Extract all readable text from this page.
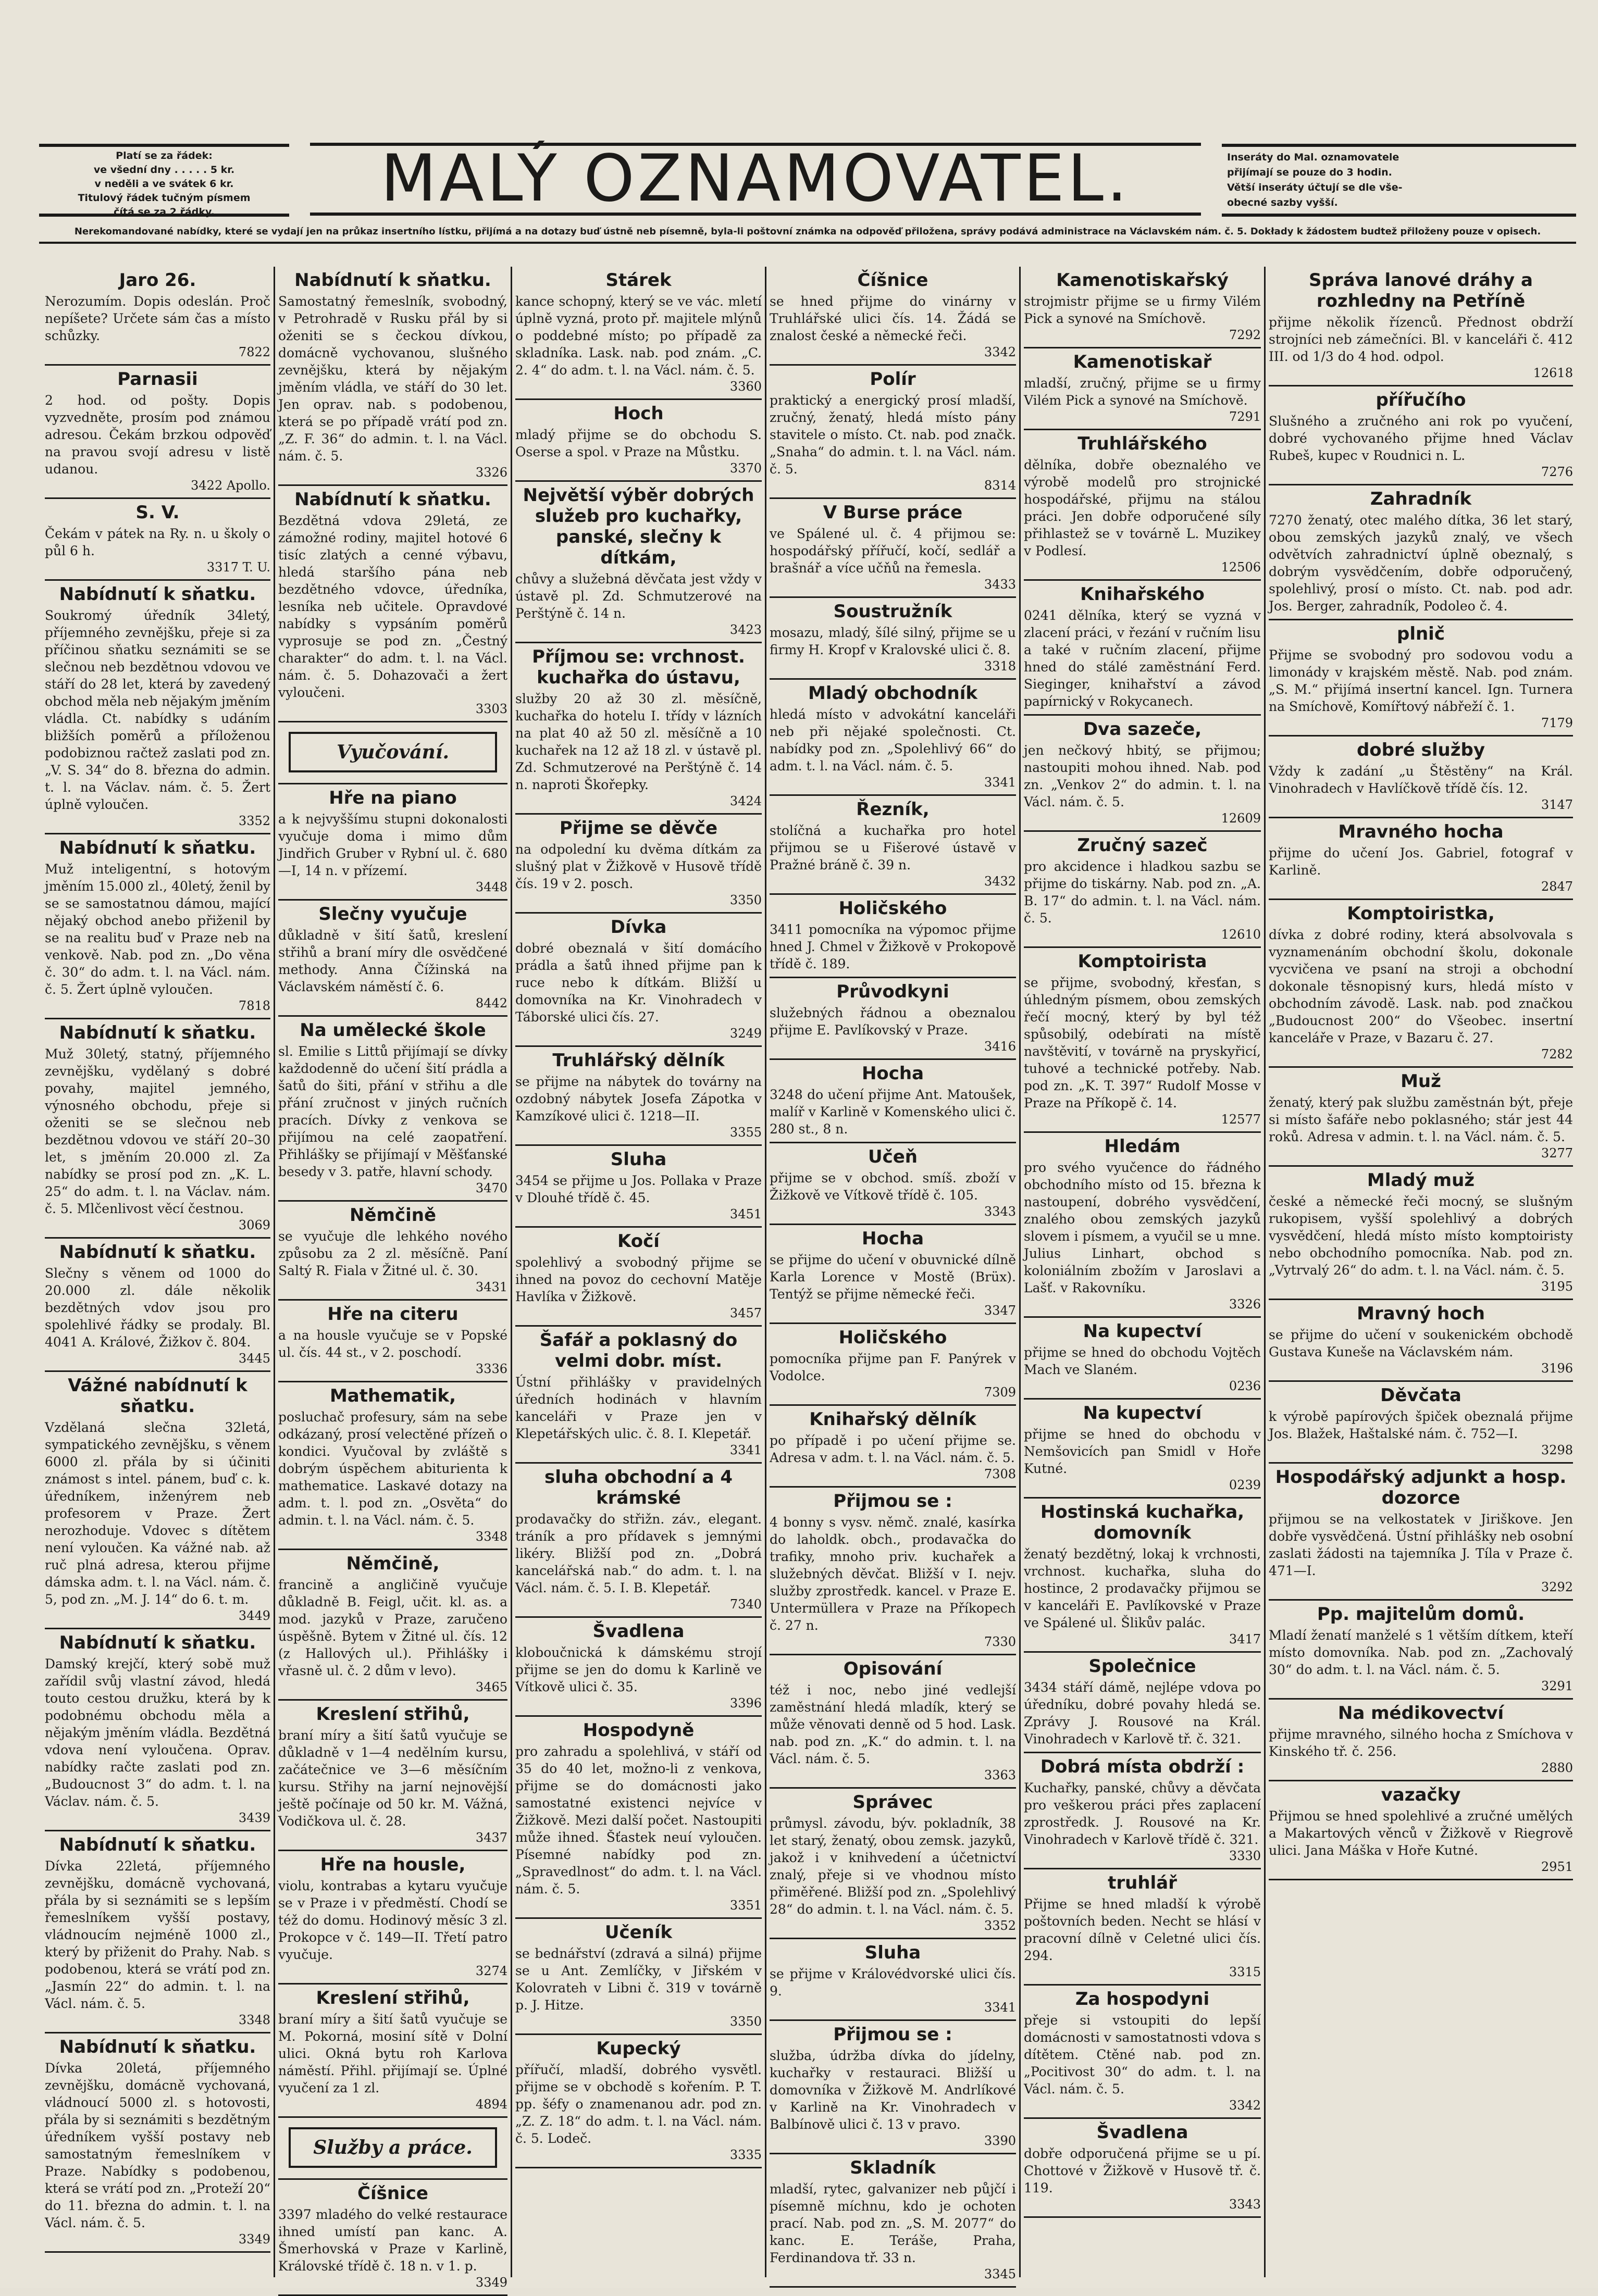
Platí se za řádek:
ve všední dny . . . . . 5 kr.
v neděli a ve svátek 6 kr.
Titulový řádek tučným písmem
čítá se za 2 řádky.	MALÝ OZNAMOVATEL.	Inseráty do Mal. oznamovatele
přijímají se pouze do 3 hodin.
Větší inseráty účtují se dle vše-
obecné sazby vyšší.
Nerekomandované nabídky, které se vydají jen na průkaz insertního lístku, přijímá a na dotazy buď ústně neb písemně, byla-li poštovní známka na odpověď přiložena, správy podává administrace na Václavském nám. č. 5. Dokłady k žádostem budtež přiloženy pouze v opisech.
Jaro 26.
Nerozumím. Dopis odeslán. Proč nepíšete? Určete sám čas a místo schůzky.
7822
Parnasii
2 hod. od pošty. Dopis vyzvedněte, prosím pod známou adresou. Čekám brzkou odpověď na pravou svojí adresu v listě udanou.
3422 Apollo.
S. V.
Čekám v pátek na Ry. n. u školy o půl 6 h.
3317 T. U.
Nabídnutí k sňatku.
Soukromý úředník 34letý, příjemného zevnějšku, přeje si za příčinou sňatku seznámiti se se slečnou neb bezdětnou vdovou ve stáří do 28 let, která by zavedený obchod měla neb nějakým jměním vládla. Ct. nabídky s udáním bližších poměrů a příloženou podobiznou račtež zaslati pod zn. „V. S. 34“ do 8. března do admin. t. l. na Václav. nám. č. 5. Žert úplně vyloučen.
3352
Nabídnutí k sňatku.
Muž inteligentní, s hotovým jměním 15.000 zl., 40letý, ženil by se se samostatnou dámou, mající nějaký obchod anebo přiženil by se na realitu buď v Praze neb na venkově. Nab. pod zn. „Do věna č. 30“ do adm. t. l. na Václ. nám. č. 5. Žert úplně vyloučen.
7818
Nabídnutí k sňatku.
Muž 30letý, statný, příjemného zevnějšku, vydělaný s dobré povahy, majitel jemného, výnosného obchodu, přeje si oženiti se se slečnou neb bezdětnou vdovou ve stáří 20–30 let, s jměním 20.000 zl. Za nabídky se prosí pod zn. „K. L. 25“ do adm. t. l. na Václav. nám. č. 5. Mlčenlivost věcí čestnou.
3069
Nabídnutí k sňatku.
Slečny s věnem od 1000 do 20.000 zl. dále několik bezdětných vdov jsou pro spolehlivé řádky se prodaly. Bl. 4041 A. Králové, Žižkov č. 804.
3445
Vážné nabídnutí k sňatku.
Vzdělaná slečna 32letá, sympatického zevnějšku, s věnem 6000 zl. přála by si účiniti známost s intel. pánem, buď c. k. úředníkem, inženýrem neb profesorem v Praze. Žert nerozhoduje. Vdovec s dítětem není vyloučen. Ka vážné nab. až ruč plná adresa, kterou přijme dámska adm. t. l. na Václ. nám. č. 5, pod zn. „M. J. 14“ do 6. t. m.
3449
Nabídnutí k sňatku.
Damský krejčí, který sobě muž zařídil svůj vlastní závod, hledá touto cestou družku, která by k podobnému obchodu měla a nějakým jměním vládla. Bezdětná vdova není vyloučena. Oprav. nabídky račte zaslati pod zn. „Budoucnost 3“ do adm. t. l. na Václav. nám. č. 5.
3439
Nabídnutí k sňatku.
Dívka 22letá, příjemného zevnějšku, domácně vychovaná, přála by si seznámiti se s lepším řemeslníkem vyšší postavy, vládnoucím nejméně 1000 zl., který by přiženit do Prahy. Nab. s podobenou, která se vrátí pod zn. „Jasmín 22“ do admin. t. l. na Václ. nám. č. 5.
3348
Nabídnutí k sňatku.
Dívka 20letá, příjemného zevnějšku, domácně vychovaná, vládnoucí 5000 zl. s hotovosti, přála by si seznámiti s bezdětným úředníkem vyšší postavy neb samostatným řemeslníkem v Praze. Nabídky s podobenou, která se vrátí pod zn. „Proteží 20“ do 11. března do admin. t. l. na Václ. nám. č. 5.
3349
Nabídnutí k sňatku.
Samostatný řemeslník, svobodný, v Petrohradě v Rusku přál by si oženiti se s čeckou dívkou, domácně vychovanou, slušného zevnějšku, která by nějakým jměním vládla, ve stáří do 30 let. Jen oprav. nab. s podobenou, která se po případě vrátí pod zn. „Z. F. 36“ do admin. t. l. na Václ. nám. č. 5.
3326
Nabídnutí k sňatku.
Bezdětná vdova 29letá, ze zámožné rodiny, majitel hotové 6 tisíc zlatých a cenné výbavu, hledá staršího pána neb bezdětného vdovce, úředníka, lesníka neb učitele. Opravdové nabídky s vypsáním poměrů vyprosuje se pod zn. „Čestný charakter“ do adm. t. l. na Václ. nám. č. 5. Dohazovači a žert vyloučeni.
3303
Vyučování.
Hře na piano
a k nejvyššímu stupni dokonalosti vyučuje doma i mimo dům Jindřich Gruber v Rybní ul. č. 680—I, 14 n. v přízemí.
3448
Slečny vyučuje
důkladně v šití šatů, kreslení střihů a braní míry dle osvědčené methody. Anna Čížinská na Václavském náměstí č. 6.
8442
Na umělecké škole
sl. Emilie s Littů přijímají se dívky každodenně do učení šití prádla a šatů do šiti, přání v střihu a dle přání zručnost v jiných ručních pracích. Dívky z venkova se přijímou na celé zaopatření. Přihlášky se přijímají v Měšťanské besedy v 3. patře, hlavní schody.
3470
Němčině
se vyučuje dle lehkého nového způsobu za 2 zl. měsíčně. Paní Saltý R. Fiala v Žitné ul. č. 30.
3431
Hře na citeru
a na housle vyučuje se v Popské ul. čís. 44 st., v 2. poschodí.
3336
Mathematik,
posluchač profesury, sám na sebe odkázaný, prosí velectěné přízeň o kondici. Vyučoval by zvláště s dobrým úspěchem abiturienta k mathematice. Laskavé dotazy na adm. t. l. pod zn. „Osvěta“ do admin. t. l. na Václ. nám. č. 5.
3348
Němčině,
francině a angličině vyučuje důkladně B. Feigl, učit. kl. as. a mod. jazyků v Praze, zaručeno úspěšně. Bytem v Žitné ul. čís. 12 (z Hallových ul.). Přihlášky i vřasně ul. č. 2 dům v levo).
3465
Kreslení střihů,
braní míry a šití šatů vyučuje se důkladně v 1—4 nedělním kursu, začátečnice ve 3—6 měsíčním kursu. Střihy na jarní nejnovější ještě počínaje od 50 kr. M. Vážná, Vodičkova ul. č. 28.
3437
Hře na housle,
violu, kontrabas a kytaru vyučuje se v Praze i v předměstí. Chodí se též do domu. Hodinový měsíc 3 zl. Prokopce v č. 149—II. Třetí patro vyučuje.
3274
Kreslení střihů,
braní míry a šití šatů vyučuje se M. Pokorná, mosiní sítě v Dolní ulici. Okná bytu roh Karlova náměstí. Přihl. přijímají se. Úplné vyučení za 1 zl.
4894
Služby a práce.
Číšnice
3397 mladého do velké restaurace ihned umístí pan kanc. A. Šmerhovská v Praze v Karlině, Královské třídě č. 18 n. v 1. p.
3349
Stárek
kance schopný, který se ve vác. mletí úplně vyzná, proto př. majitele mlýnů o poddebné místo; po případě za skladníka. Lask. nab. pod znám. „C. 2. 4“ do adm. t. l. na Václ. nám. č. 5.
3360
Hoch
mladý přijme se do obchodu S. Oserse a spol. v Praze na Můstku.
3370
Největší výběr dobrých služeb pro kuchařky, panské, slečny k dítkám,
chůvy a služebná děvčata jest vždy v ústavě pl. Zd. Schmutzerové na Perštýně č. 14 n.
3423
Příjmou se: vrchnost. kuchařka do ústavu,
služby 20 až 30 zl. měsíčně, kuchařka do hotelu I. třídy v lázních na plat 40 až 50 zl. měsíčně a 10 kuchařek na 12 až 18 zl. v ústavě pl. Zd. Schmutzerové na Perštýně č. 14 n. naproti Škořepky.
3424
Přijme se děvče
na odpolední ku dvěma dítkám za slušný plat v Žižkově v Husově třídě čís. 19 v 2. posch.
3350
Dívka
dobré obeznalá v šití domácího prádla a šatů ihned přijme pan k ruce nebo k dítkám. Bližší u domovníka na Kr. Vinohradech v Táborské ulici čís. 27.
3249
Truhlářský dělník
se přijme na nábytek do továrny na ozdobný nábytek Josefa Zápotka v Kamzíkové ulici č. 1218—II.
3355
Sluha
3454 se přijme u Jos. Pollaka v Praze v Dlouhé třídě č. 45.
3451
Kočí
spolehlivý a svobodný přijme se ihned na povoz do cechovní Matěje Havlíka v Žižkově.
3457
Šafář a poklasný do velmi dobr. míst.
Ústní přihlášky v pravidelných úředních hodinách v hlavním kanceláři v Praze jen v Klepetářských ulic. č. 8. I. Klepetář.
3341
sluha obchodní a 4 krámské
prodavačky do střižn. záv., elegant. tráník a pro přídavek s jemnými likéry. Bližší pod zn. „Dobrá kancelářská nab.“ do adm. t. l. na Václ. nám. č. 5. I. B. Klepetář.
7340
Švadlena
kloboučnická k dámskému strojí přijme se jen do domu k Karlině ve Vítkově ulici č. 35.
3396
Hospodyně
pro zahradu a spolehlivá, v stáří od 35 do 40 let, možno-li z venkova, přijme se do domácnosti jako samostatné existenci nejvíce v Žižkově. Mezi další počet. Nastoupiti může ihned. Šťastek neuí vyloučen. Písemné nabídky pod zn. „Spravedlnost“ do adm. t. l. na Václ. nám. č. 5.
3351
Učeník
se bednářství (zdravá a silná) přijme se u Ant. Zemlíčky, v Jiřském v Kolovrateh v Libni č. 319 v továrně p. J. Hitze.
3350
Kupecký
přířučí, mladší, dobrého vysvětl. přijme se v obchodě s kořením. P. T. pp. šéfy o znamenanou adr. pod zn. „Z. Z. 18“ do adm. t. l. na Václ. nám. č. 5. Lodeč.
3335
Číšnice
se hned přijme do vinárny v Truhlářské ulici čís. 14. Žádá se znalost české a německé řeči.
3342
Polír
praktický a energický prosí mladší, zručný, ženatý, hledá místo pány stavitele o místo. Ct. nab. pod značk. „Snaha“ do admin. t. l. na Václ. nám. č. 5.
8314
V Burse práce
ve Spálené ul. č. 4 přijmou se: hospodářský přířučí, kočí, sedlář a brašnář a více učňů na řemesla.
3433
Soustružník
mosazu, mladý, šílé silný, přijme se u firmy H. Kropf v Kralovské ulici č. 8.
3318
Mladý obchodník
hledá místo v advokátní kanceláři neb při nějaké společnosti. Ct. nabídky pod zn. „Spolehlivý 66“ do adm. t. l. na Václ. nám. č. 5.
3341
Řezník,
stolíčná a kuchařka pro hotel přijmou se u Fišerové ústavě v Pražné bráně č. 39 n.
3432
Holičského
3411 pomocníka na výpomoc přijme hned J. Chmel v Žižkově v Prokopově třídě č. 189.
Průvodkyni
služebných řádnou a obeznalou přijme E. Pavlíkovský v Praze.
3416
Hocha
3248 do učení přijme Ant. Matoušek, malíř v Karlině v Komenského ulici č. 280 st., 8 n.
Učeň
přijme se v obchod. smíš. zboží v Žižkově ve Vítkově třídě č. 105.
3343
Hocha
se přijme do učení v obuvnické dílně Karla Lorence v Mostě (Brüx). Tentýž se přijme německé řeči.
3347
Holičského
pomocníka přijme pan F. Panýrek v Vodolce.
7309
Knihařský dělník
po případě i po učení přijme se. Adresa v adm. t. l. na Václ. nám. č. 5.
7308
Přijmou se :
4 bonny s vysv. němč. znalé, kasírka do laholdk. obch., prodavačka do trafiky, mnoho priv. kuchařek a služebných děvčat. Bližší v I. nejv. služby zprostředk. kancel. v Praze E. Untermüllera v Praze na Příkopech č. 27 n.
7330
Opisování
též i noc, nebo jiné vedlejší zaměstnání hledá mladík, který se může věnovati denně od 5 hod. Lask. nab. pod zn. „K.“ do admin. t. l. na Václ. nám. č. 5.
3363
Správec
průmysl. závodu, býv. pokladník, 38 let starý, ženatý, obou zemsk. jazyků, jakož i v knihvedení a účetnictví znalý, přeje si ve vhodnou místo přiměřené. Bližší pod zn. „Spolehlivý 28“ do admin. t. l. na Václ. nám. č. 5.
3352
Sluha
se přijme v Královédvorské ulici čís. 9.
3341
Přijmou se :
služba, údržba dívka do jídelny, kuchařky v restauraci. Bližší u domovníka v Žižkově M. Andrlíkové v Karlině na Kr. Vinohradech v Balbínově ulici č. 13 v pravo.
3390
Skladník
mladší, rytec, galvanizer neb půjčí i písemně míchnu, kdo je ochoten prací. Nab. pod zn. „S. M. 2077“ do kanc. E. Teráše, Praha, Ferdinandova tř. 33 n.
3345
Kamenotiskařský
strojmistr přijme se u firmy Vilém Pick a synové na Smíchově.
7292
Kamenotiskař
mladší, zručný, přijme se u firmy Vilém Pick a synové na Smíchově.
7291
Truhlářského
dělníka, dobře obeznalého ve výrobě modelů pro strojnické hospodářské, přijmu na stálou práci. Jen dobře odporučené síly přihlastež se v továrně L. Muzikey v Podlesí.
12506
Knihařského
0241 dělníka, který se vyzná v zlacení práci, v řezání v ručním lisu a také v ručním zlacení, přijme hned do stálé zaměstnání Ferd. Sieginger, knihařství a závod papírnický v Rokycanech.
Dva sazeče,
jen nečkový hbitý, se přijmou; nastoupiti mohou ihned. Nab. pod zn. „Venkov 2“ do admin. t. l. na Václ. nám. č. 5.
12609
Zručný sazeč
pro akcidence i hladkou sazbu se přijme do tiskárny. Nab. pod zn. „A. B. 17“ do admin. t. l. na Václ. nám. č. 5.
12610
Komptoirista
se přijme, svobodný, křesťan, s úhledným písmem, obou zemských řečí mocný, který by byl též spůsobilý, odebírati na místě navštěvití, v továrně na pryskyřicí, tuhové a technické potřeby. Nab. pod zn. „K. T. 397“ Rudolf Mosse v Praze na Příkopě č. 14.
12577
Hledám
pro svého vyučence do řádného obchodního místo od 15. března k nastoupení, dobrého vysvědčení, znalého obou zemských jazyků slovem i písmem, a vyučil se u mne. Julius Linhart, obchod s koloniálním zbožím v Jaroslavi a Lašť. v Rakovníku.
3326
Na kupectví
přijme se hned do obchodu Vojtěch Mach ve Slaném.
0236
Na kupectví
přijme se hned do obchodu v Nemšovicích pan Smidl v Hoře Kutné.
0239
Hostinská kuchařka, domovník
ženatý bezdětný, lokaj k vrchnosti, vrchnost. kuchařka, sluha do hostince, 2 prodavačky přijmou se v kanceláři E. Pavlíkovské v Praze ve Spálené ul. Šlikův palác.
3417
Společnice
3434 stáří dámě, nejlépe vdova po úředníku, dobré povahy hledá se. Zprávy J. Rousové na Král. Vinohradech v Karlově tř. č. 321.
Dobrá místa obdrží :
Kuchařky, panské, chůvy a děvčata pro veškerou práci přes zaplacení zprostředk. J. Rousové na Kr. Vinohradech v Karlově třídě č. 321.
3330
truhlář
Přijme se hned mladší k výrobě poštovních beden. Necht se hlásí v pracovní dílně v Celetné ulici čís. 294.
3315
Za hospodyni
přeje si vstoupiti do lepší domácnosti v samostatnosti vdova s dítětem. Ctěné nab. pod zn. „Pocitivost 30“ do adm. t. l. na Václ. nám. č. 5.
3342
Švadlena
dobře odporučená přijme se u pí. Chottové v Žižkově v Husově tř. č. 119.
3343
Správa lanové dráhy a rozhledny na Petříně
přijme několik řízenců. Přednost obdrží strojníci neb zámečníci. Bl. v kanceláři č. 412 III. od 1/3 do 4 hod. odpol.
12618
přířučího
Slušného a zručného ani rok po vyučení, dobré vychovaného přijme hned Václav Rubeš, kupec v Roudnici n. L.
7276
Zahradník
7270 ženatý, otec malého dítka, 36 let starý, obou zemských jazyků znalý, ve všech odvětvích zahradnictví úplně obeznalý, s dobrým vysvědčením, dobře odporučený, spolehlivý, prosí o místo. Ct. nab. pod adr. Jos. Berger, zahradník, Podoleo č. 4.
plnič
Přijme se svobodný pro sodovou vodu a limonády v krajském městě. Nab. pod znám. „S. M.“ přijímá insertní kancel. Ign. Turnera na Smíchově, Komířtový nábřeží č. 1.
7179
dobré služby
Vždy k zadání „u Štěstěny“ na Král. Vinohradech v Havlíčkově třídě čís. 12.
3147
Mravného hocha
přijme do učení Jos. Gabriel, fotograf v Karlině.
2847
Komptoiristka,
dívka z dobré rodiny, která absolvovala s vyznamenáním obchodní školu, dokonale vycvičena ve psaní na stroji a obchodní dokonale těsnopisný kurs, hledá místo v obchodním závodě. Lask. nab. pod značkou „Budoucnost 200“ do Všeobec. insertní kanceláře v Praze, v Bazaru č. 27.
7282
Muž
ženatý, který pak službu zaměstnán být, přeje si místo šafáře nebo poklasného; stár jest 44 roků. Adresa v admin. t. l. na Václ. nám. č. 5.
3277
Mladý muž
české a německé řeči mocný, se slušným rukopisem, vyšší spolehlivý a dobrých vysvědčení, hledá místo místo komptoiristy nebo obchodního pomocníka. Nab. pod zn. „Vytrvalý 26“ do adm. t. l. na Václ. nám. č. 5.
3195
Mravný hoch
se přijme do učení v soukenickém obchodě Gustava Kuneše na Václavském nám.
3196
Děvčata
k výrobě papírových špiček obeznalá přijme Jos. Blažek, Haštalské nám. č. 752—I.
3298
Hospodářský adjunkt a hosp. dozorce
přijmou se na velkostatek v Jiriškove. Jen dobře vysvědčená. Ústní přihlášky neb osobní zaslati žádosti na tajemníka J. Tíla v Praze č. 471—I.
3292
Pp. majitelům domů.
Mladí ženatí manželé s 1 větším dítkem, kteří místo domovníka. Nab. pod zn. „Zachovalý 30“ do adm. t. l. na Václ. nám. č. 5.
3291
Na médikovectví
přijme mravného, silného hocha z Smíchova v Kinského tř. č. 256.
2880
vazačky
Přijmou se hned spolehlivé a zručné umělých a Makartových věnců v Žižkově v Riegrově ulici. Jana Máška v Hoře Kutné.
2951
